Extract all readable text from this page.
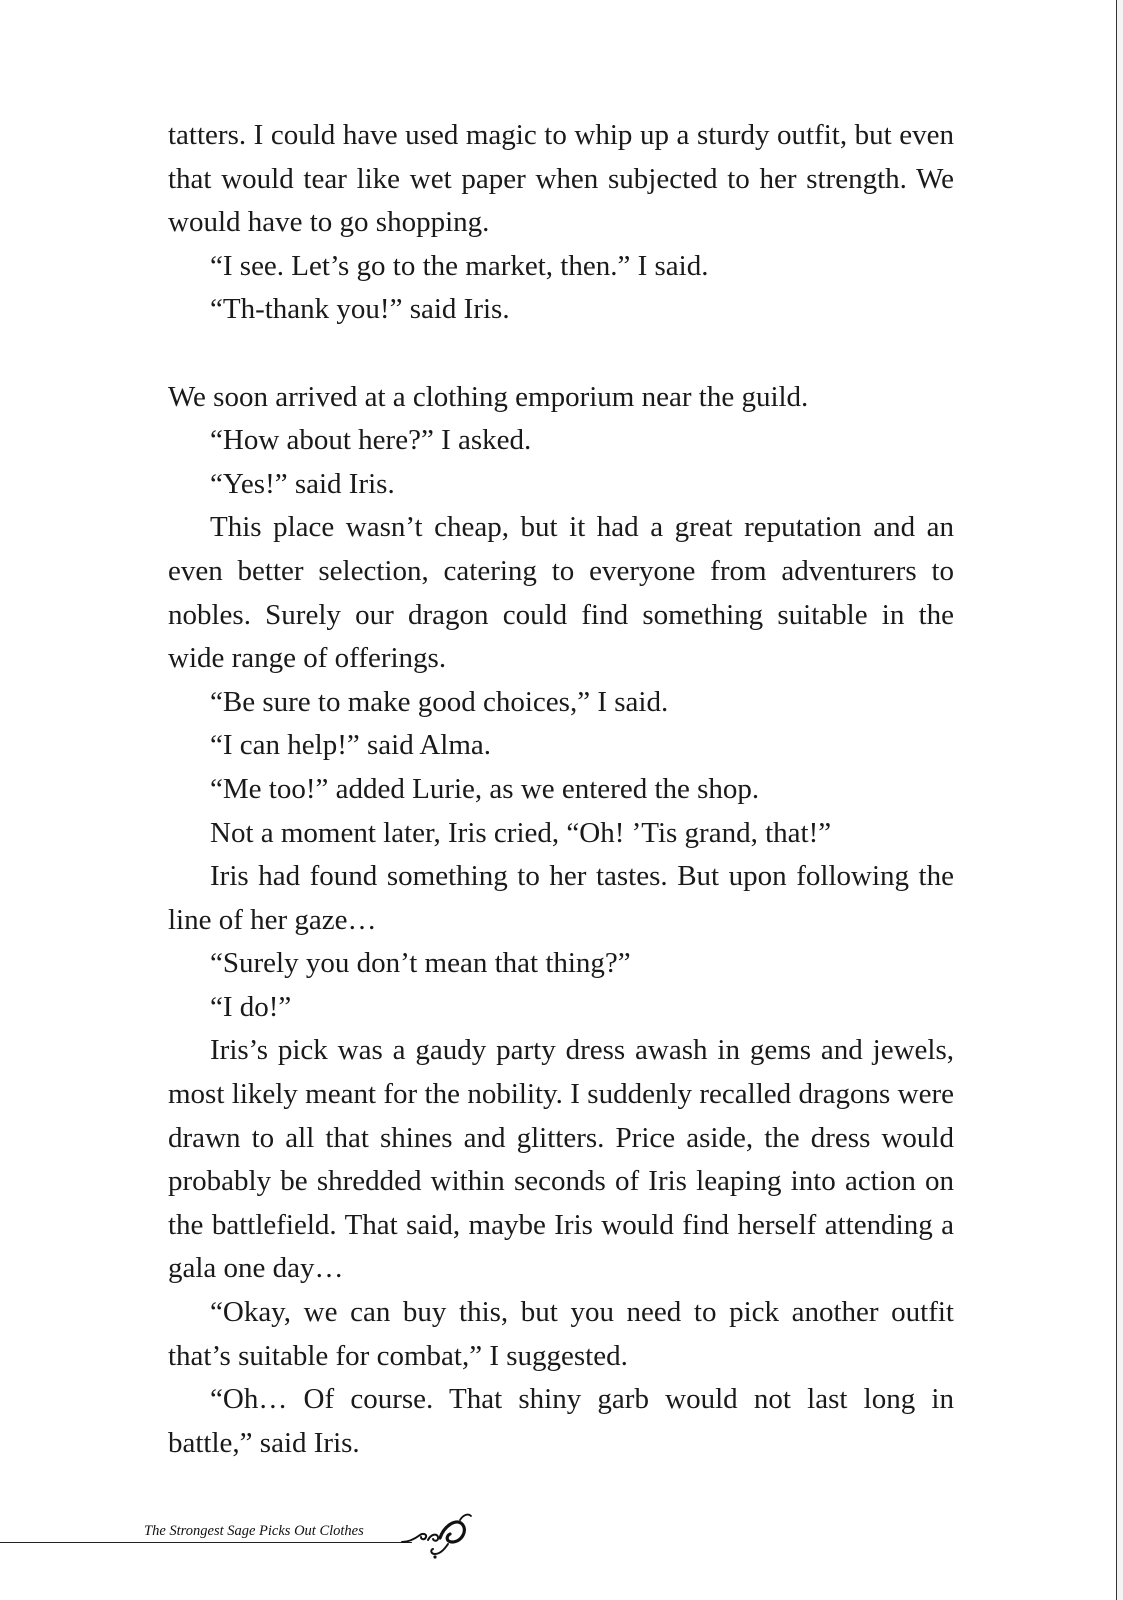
tatters. I could have used magic to whip up a sturdy outfit, but even that would tear like wet paper when subjected to her strength. We would have to go shopping.

“I see. Let’s go to the market, then.” I said.

“Th-thank you!” said Iris.

We soon arrived at a clothing emporium near the guild.

“How about here?” I asked.

“Yes!” said Iris.

This place wasn’t cheap, but it had a great reputation and an even better selection, catering to everyone from adventurers to nobles. Surely our dragon could find something suitable in the wide range of offerings.

“Be sure to make good choices,” I said.

“I can help!” said Alma.

“Me too!” added Lurie, as we entered the shop.

Not a moment later, Iris cried, “Oh! ’Tis grand, that!”

Iris had found something to her tastes. But upon following the line of her gaze…

“Surely you don’t mean that thing?”

“I do!”

Iris’s pick was a gaudy party dress awash in gems and jewels, most likely meant for the nobility. I suddenly recalled dragons were drawn to all that shines and glitters. Price aside, the dress would probably be shredded within seconds of Iris leaping into action on the battlefield. That said, maybe Iris would find herself attending a gala one day…

“Okay, we can buy this, but you need to pick another outfit that’s suitable for combat,” I suggested.

“Oh… Of course. That shiny garb would not last long in battle,” said Iris.

The Strongest Sage Picks Out Clothes
